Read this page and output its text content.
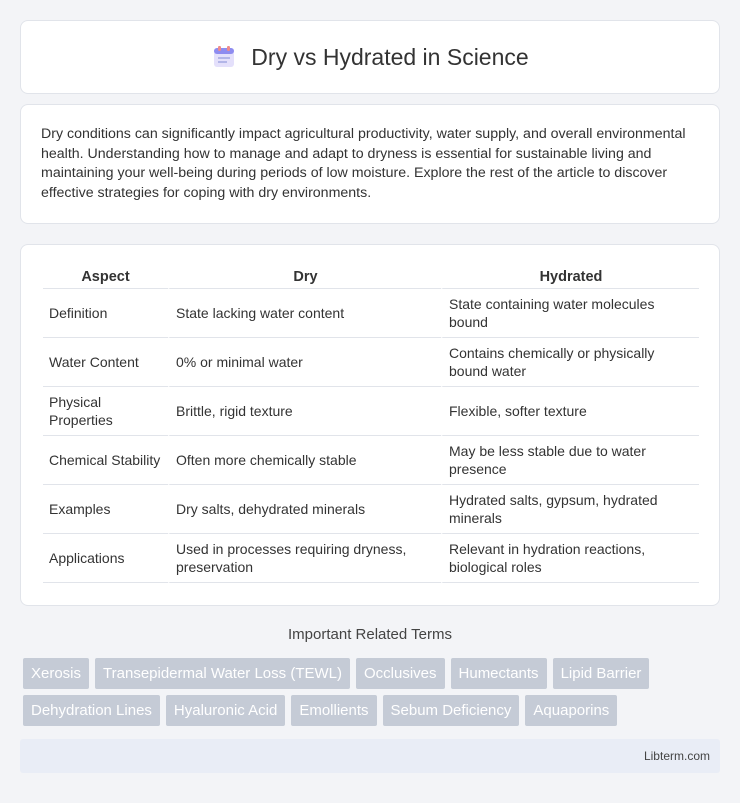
Dry vs Hydrated in Science

Dry conditions can significantly impact agricultural productivity, water supply, and overall environmental health. Understanding how to manage and adapt to dryness is essential for sustainable living and maintaining your well-being during periods of low moisture. Explore the rest of the article to discover effective strategies for coping with dry environments.

Aspect	Dry	Hydrated
Definition	State lacking water content	State containing water molecules bound
Water Content	0% or minimal water	Contains chemically or physically bound water
Physical Properties	Brittle, rigid texture	Flexible, softer texture
Chemical Stability	Often more chemically stable	May be less stable due to water presence
Examples	Dry salts, dehydrated minerals	Hydrated salts, gypsum, hydrated minerals
Applications	Used in processes requiring dryness, preservation	Relevant in hydration reactions, biological roles
Important Related Terms
Xerosis	Transepidermal Water Loss (TEWL)	Occlusives	Humectants	Lipid Barrier
Dehydration Lines	Hyaluronic Acid	Emollients	Sebum Deficiency	Aquaporins
Libterm.com
